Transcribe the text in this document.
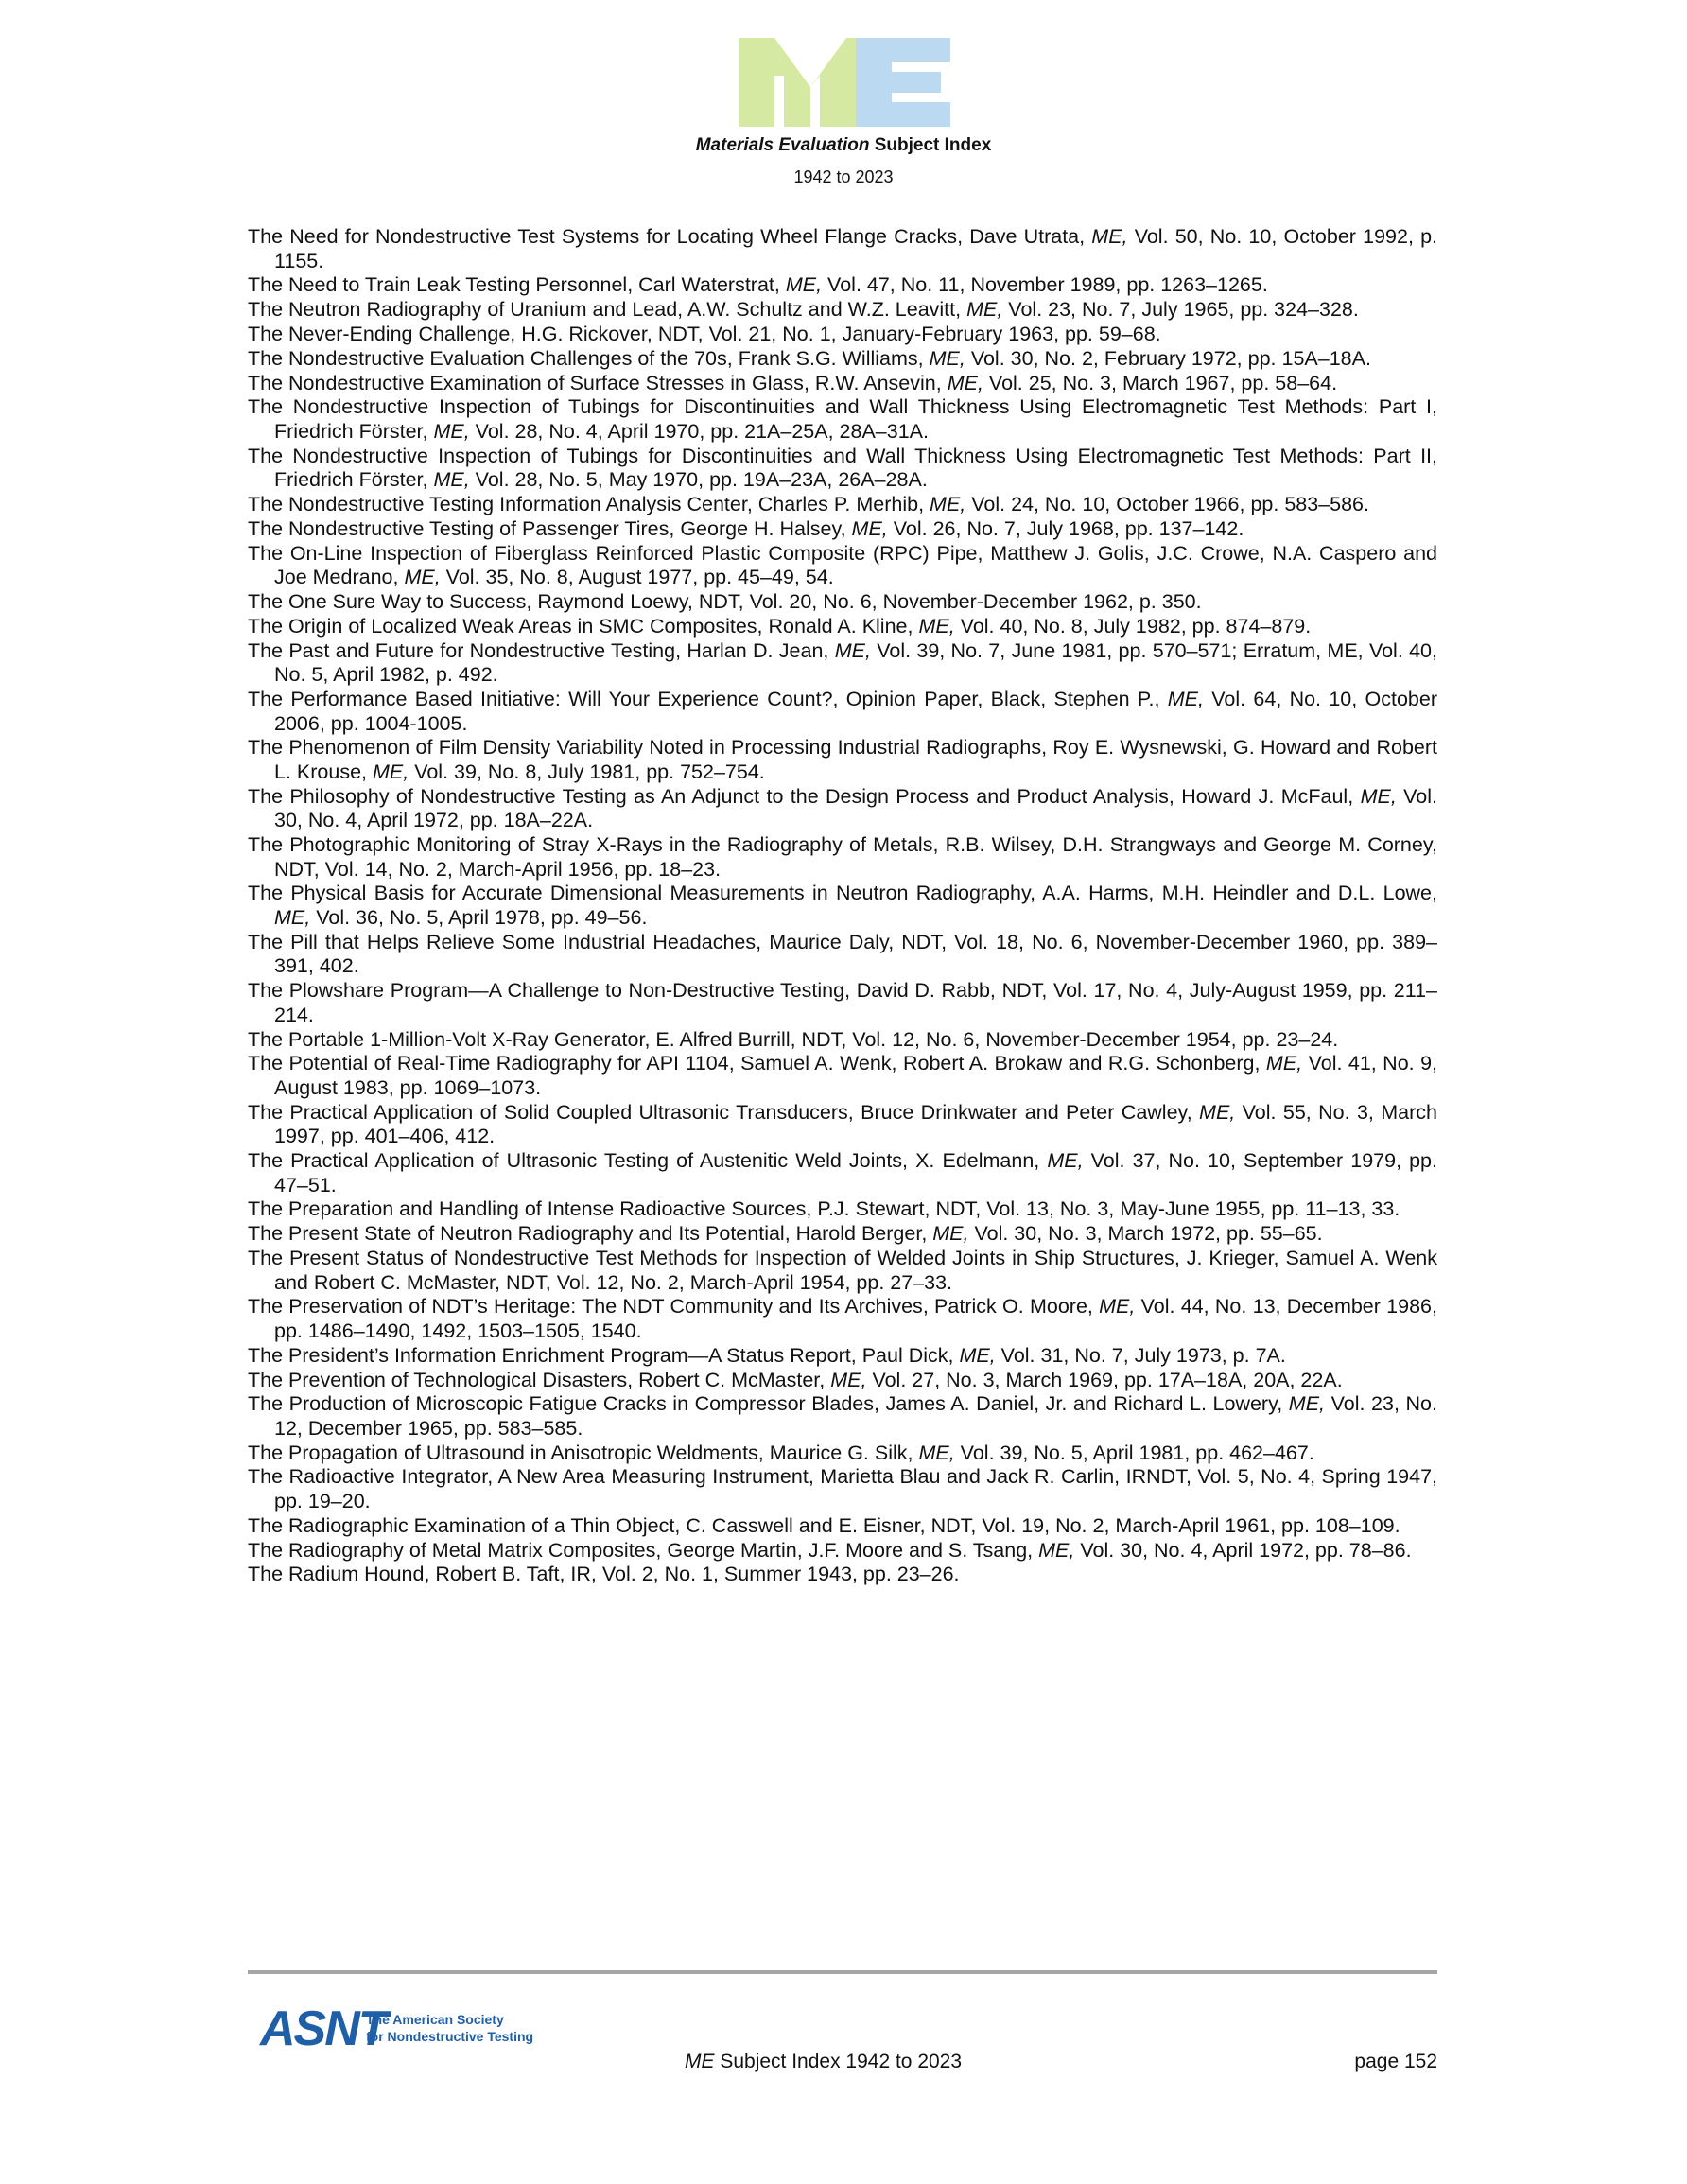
Materials Evaluation Subject Index
1942 to 2023

The Need for Nondestructive Test Systems for Locating Wheel Flange Cracks, Dave Utrata, ME, Vol. 50, No. 10, October 1992, p. 1155.

The Need to Train Leak Testing Personnel, Carl Waterstrat, ME, Vol. 47, No. 11, November 1989, pp. 1263–1265.

The Neutron Radiography of Uranium and Lead, A.W. Schultz and W.Z. Leavitt, ME, Vol. 23, No. 7, July 1965, pp. 324–328.

The Never-Ending Challenge, H.G. Rickover, NDT, Vol. 21, No. 1, January-February 1963, pp. 59–68.

The Nondestructive Evaluation Challenges of the 70s, Frank S.G. Williams, ME, Vol. 30, No. 2, February 1972, pp. 15A–18A.

The Nondestructive Examination of Surface Stresses in Glass, R.W. Ansevin, ME, Vol. 25, No. 3, March 1967, pp. 58–64.

The Nondestructive Inspection of Tubings for Discontinuities and Wall Thickness Using Electromagnetic Test Methods: Part I, Friedrich Förster, ME, Vol. 28, No. 4, April 1970, pp. 21A–25A, 28A–31A.

The Nondestructive Inspection of Tubings for Discontinuities and Wall Thickness Using Electromagnetic Test Methods: Part II, Friedrich Förster, ME, Vol. 28, No. 5, May 1970, pp. 19A–23A, 26A–28A.

The Nondestructive Testing Information Analysis Center, Charles P. Merhib, ME, Vol. 24, No. 10, October 1966, pp. 583–586.

The Nondestructive Testing of Passenger Tires, George H. Halsey, ME, Vol. 26, No. 7, July 1968, pp. 137–142.

The On-Line Inspection of Fiberglass Reinforced Plastic Composite (RPC) Pipe, Matthew J. Golis, J.C. Crowe, N.A. Caspero and Joe Medrano, ME, Vol. 35, No. 8, August 1977, pp. 45–49, 54.

The One Sure Way to Success, Raymond Loewy, NDT, Vol. 20, No. 6, November-December 1962, p. 350.

The Origin of Localized Weak Areas in SMC Composites, Ronald A. Kline, ME, Vol. 40, No. 8, July 1982, pp. 874–879.

The Past and Future for Nondestructive Testing, Harlan D. Jean, ME, Vol. 39, No. 7, June 1981, pp. 570–571; Erratum, ME, Vol. 40, No. 5, April 1982, p. 492.

The Performance Based Initiative: Will Your Experience Count?, Opinion Paper, Black, Stephen P., ME, Vol. 64, No. 10, October 2006, pp. 1004-1005.

The Phenomenon of Film Density Variability Noted in Processing Industrial Radiographs, Roy E. Wysnewski, G. Howard and Robert L. Krouse, ME, Vol. 39, No. 8, July 1981, pp. 752–754.

The Philosophy of Nondestructive Testing as An Adjunct to the Design Process and Product Analysis, Howard J. McFaul, ME, Vol. 30, No. 4, April 1972, pp. 18A–22A.

The Photographic Monitoring of Stray X-Rays in the Radiography of Metals, R.B. Wilsey, D.H. Strangways and George M. Corney, NDT, Vol. 14, No. 2, March-April 1956, pp. 18–23.

The Physical Basis for Accurate Dimensional Measurements in Neutron Radiography, A.A. Harms, M.H. Heindler and D.L. Lowe, ME, Vol. 36, No. 5, April 1978, pp. 49–56.

The Pill that Helps Relieve Some Industrial Headaches, Maurice Daly, NDT, Vol. 18, No. 6, November-December 1960, pp. 389–391, 402.

The Plowshare Program—A Challenge to Non-Destructive Testing, David D. Rabb, NDT, Vol. 17, No. 4, July-August 1959, pp. 211–214.

The Portable 1-Million-Volt X-Ray Generator, E. Alfred Burrill, NDT, Vol. 12, No. 6, November-December 1954, pp. 23–24.

The Potential of Real-Time Radiography for API 1104, Samuel A. Wenk, Robert A. Brokaw and R.G. Schonberg, ME, Vol. 41, No. 9, August 1983, pp. 1069–1073.

The Practical Application of Solid Coupled Ultrasonic Transducers, Bruce Drinkwater and Peter Cawley, ME, Vol. 55, No. 3, March 1997, pp. 401–406, 412.

The Practical Application of Ultrasonic Testing of Austenitic Weld Joints, X. Edelmann, ME, Vol. 37, No. 10, September 1979, pp. 47–51.

The Preparation and Handling of Intense Radioactive Sources, P.J. Stewart, NDT, Vol. 13, No. 3, May-June 1955, pp. 11–13, 33.

The Present State of Neutron Radiography and Its Potential, Harold Berger, ME, Vol. 30, No. 3, March 1972, pp. 55–65.

The Present Status of Nondestructive Test Methods for Inspection of Welded Joints in Ship Structures, J. Krieger, Samuel A. Wenk and Robert C. McMaster, NDT, Vol. 12, No. 2, March-April 1954, pp. 27–33.

The Preservation of NDT’s Heritage: The NDT Community and Its Archives, Patrick O. Moore, ME, Vol. 44, No. 13, December 1986, pp. 1486–1490, 1492, 1503–1505, 1540.

The President’s Information Enrichment Program—A Status Report, Paul Dick, ME, Vol. 31, No. 7, July 1973, p. 7A.

The Prevention of Technological Disasters, Robert C. McMaster, ME, Vol. 27, No. 3, March 1969, pp. 17A–18A, 20A, 22A.

The Production of Microscopic Fatigue Cracks in Compressor Blades, James A. Daniel, Jr. and Richard L. Lowery, ME, Vol. 23, No. 12, December 1965, pp. 583–585.

The Propagation of Ultrasound in Anisotropic Weldments, Maurice G. Silk, ME, Vol. 39, No. 5, April 1981, pp. 462–467.

The Radioactive Integrator, A New Area Measuring Instrument, Marietta Blau and Jack R. Carlin, IRNDT, Vol. 5, No. 4, Spring 1947, pp. 19–20.

The Radiographic Examination of a Thin Object, C. Casswell and E. Eisner, NDT, Vol. 19, No. 2, March-April 1961, pp. 108–109.

The Radiography of Metal Matrix Composites, George Martin, J.F. Moore and S. Tsang, ME, Vol. 30, No. 4, April 1972, pp. 78–86.

The Radium Hound, Robert B. Taft, IR, Vol. 2, No. 1, Summer 1943, pp. 23–26.

ASNT
The American Society
for Nondestructive Testing
ME Subject Index 1942 to 2023	page 152
